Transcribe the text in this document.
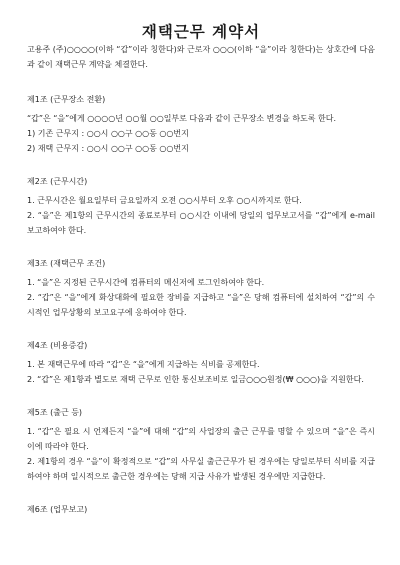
재택근무 계약서

고용주 (주)○○○○(이하 “갑”이라 칭한다)와 근로자 ○○○(이하 “을”이라 칭한다)는 상호간에 다음과 같이 재택근무 계약을 체결한다.

제1조 (근무장소 전환)

“갑”은 “을”에게 ○○○○년 ○○월 ○○일부로 다음과 같이 근무장소 변경을 하도록 한다.

1) 기존 근무지 : ○○시 ○○구 ○○동 ○○번지

2) 재택 근무지 : ○○시 ○○구 ○○동 ○○번지

제2조 (근무시간)

1. 근무시간은 월요일부터 금요일까지 오전 ○○시부터 오후 ○○시까지로 한다.

2. “을”은 제1항의 근무시간의 종료로부터 ○○시간 이내에 당일의 업무보고서를 “갑”에게 e-mail 보고하여야 한다.

제3조 (재택근무 조건)

1. “을”은 지정된 근무시간에 컴퓨터의 메신저에 로그인하여야 한다.

2. “갑”은 “을”에게 화상대화에 필요한 장비를 지급하고 “을”은 당해 컴퓨터에 설치하여 “갑”의 수시적인 업무상황의 보고요구에 응하여야 한다.

제4조 (비용증감)

1. 본 재택근무에 따라 “갑”은 “을”에게 지급하는 식비를 공제한다.

2. “갑”은 제1항과 별도로 재택 근무로 인한 통신보조비로 일금○○○원정(₩ ○○○)을 지원한다.

제5조 (출근 등)

1. “갑”은 필요 시 언제든지 “을”에 대해 “갑”의 사업장의 출근 근무를 명할 수 있으며 “을”은 즉시 이에 따라야 한다.

2. 제1항의 경우 “을”이 확정적으로 “갑”의 사무실 출근근무가 된 경우에는 당일로부터 식비를 지급하여야 하며 일시적으로 출근한 경우에는 당해 지급 사유가 발생된 경우에만 지급한다.

제6조 (업무보고)
